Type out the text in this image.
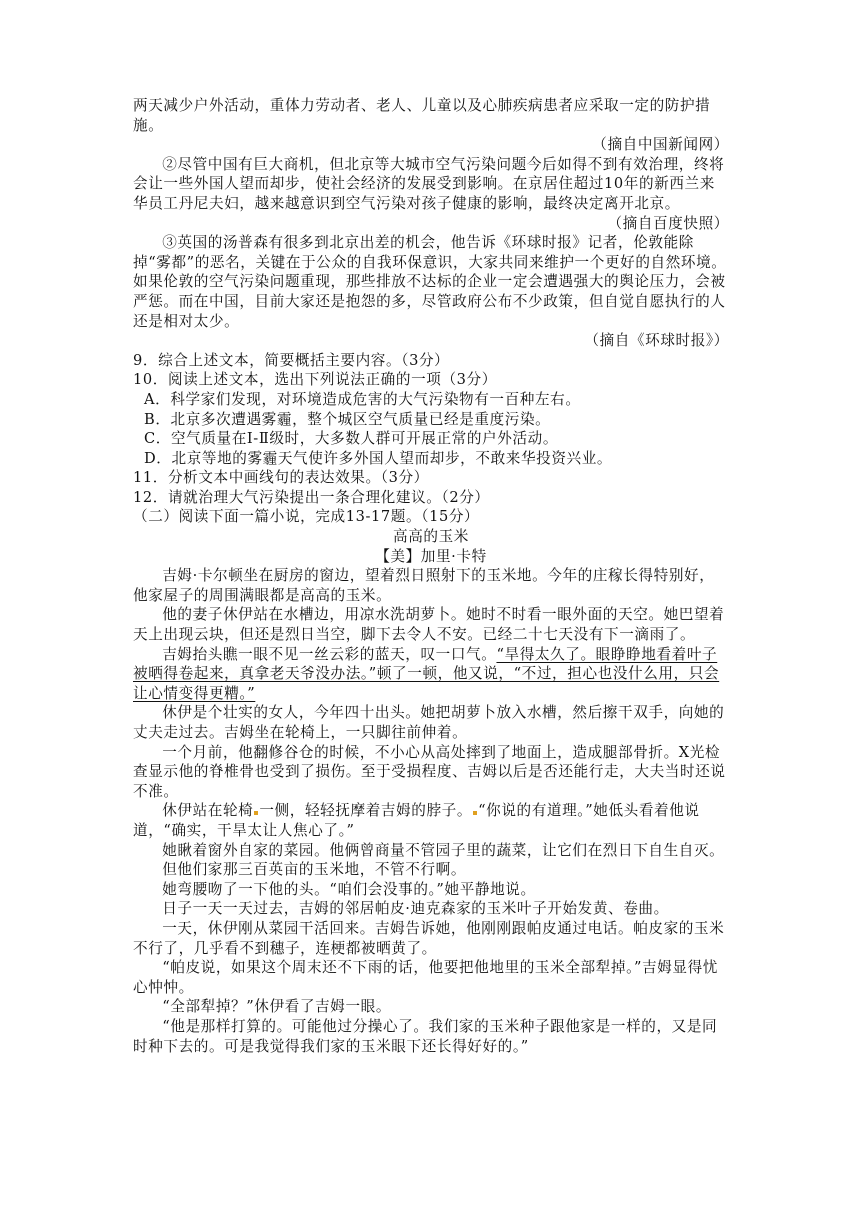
两天减少户外活动，重体力劳动者、老人、儿童以及心肺疾病患者应采取一定的防护措施。

（摘自中国新闻网）

②尽管中国有巨大商机，但北京等大城市空气污染问题今后如得不到有效治理，终将会让一些外国人望而却步，使社会经济的发展受到影响。在京居住超过10年的新西兰来华员工丹尼夫妇，越来越意识到空气污染对孩子健康的影响，最终决定离开北京。

（摘自百度快照）

③英国的汤普森有很多到北京出差的机会，他告诉《环球时报》记者，伦敦能除掉“雾都”的恶名，关键在于公众的自我环保意识，大家共同来维护一个更好的自然环境。如果伦敦的空气污染问题重现，那些排放不达标的企业一定会遭遇强大的舆论压力，会被严惩。而在中国，目前大家还是抱怨的多，尽管政府公布不少政策，但自觉自愿执行的人还是相对太少。

（摘自《环球时报》）

9．综合上述文本，简要概括主要内容。（3分）

10．阅读上述文本，选出下列说法正确的一项（3分）

A．科学家们发现，对环境造成危害的大气污染物有一百种左右。

B．北京多次遭遇雾霾，整个城区空气质量已经是重度污染。

C．空气质量在Ⅰ-Ⅱ级时，大多数人群可开展正常的户外活动。

D．北京等地的雾霾天气使许多外国人望而却步，不敢来华投资兴业。

11．分析文本中画线句的表达效果。（3分）

12．请就治理大气污染提出一条合理化建议。（2分）

（二）阅读下面一篇小说，完成13-17题。（15分）

高高的玉米

【美】加里·卡特

吉姆·卡尔顿坐在厨房的窗边，望着烈日照射下的玉米地。今年的庄稼长得特别好，他家屋子的周围满眼都是高高的玉米。

他的妻子休伊站在水槽边，用凉水洗胡萝卜。她时不时看一眼外面的天空。她巴望着天上出现云块，但还是烈日当空，脚下去令人不安。已经二十七天没有下一滴雨了。

吉姆抬头瞧一眼不见一丝云彩的蓝天，叹一口气。“旱得太久了。眼睁睁地看着叶子被晒得卷起来，真拿老天爷没办法。”顿了一顿，他又说，“不过，担心也没什么用，只会让心情变得更糟。”

休伊是个壮实的女人，今年四十出头。她把胡萝卜放入水槽，然后擦干双手，向她的丈夫走过去。吉姆坐在轮椅上，一只脚往前伸着。

一个月前，他翻修谷仓的时候，不小心从高处摔到了地面上，造成腿部骨折。X光检查显示他的脊椎骨也受到了损伤。至于受损程度、吉姆以后是否还能行走，大夫当时还说不准。

休伊站在轮椅 一侧，轻轻抚摩着吉姆的脖子。 “你说的有道理。”她低头看着他说道，“确实，干旱太让人焦心了。”

她瞅着窗外自家的菜园。他俩曾商量不管园子里的蔬菜，让它们在烈日下自生自灭。

但他们家那三百英亩的玉米地，不管不行啊。

她弯腰吻了一下他的头。“咱们会没事的。”她平静地说。

日子一天一天过去，吉姆的邻居帕皮·迪克森家的玉米叶子开始发黄、卷曲。

一天，休伊刚从菜园干活回来。吉姆告诉她，他刚刚跟帕皮通过电话。帕皮家的玉米不行了，几乎看不到穗子，连梗都被晒黄了。

“帕皮说，如果这个周末还不下雨的话，他要把他地里的玉米全部犁掉。”吉姆显得忧心忡忡。

“全部犁掉？”休伊看了吉姆一眼。

“他是那样打算的。可能他过分操心了。我们家的玉米种子跟他家是一样的，又是同时种下去的。可是我觉得我们家的玉米眼下还长得好好的。”
